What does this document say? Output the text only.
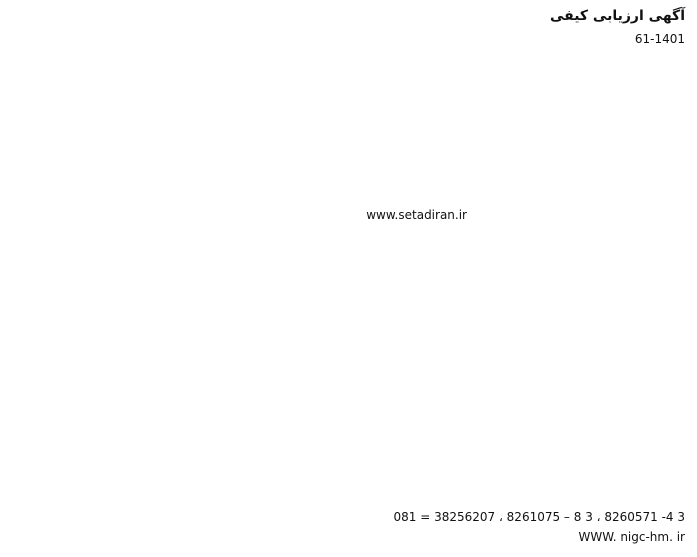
آگهی ارزیابی کیفی
61-1401
www.setadiran.ir
081 = 38256207 ، 8261075 – 8 3 ، 8260571 -4 3
WWW. nigc-hm. ir
